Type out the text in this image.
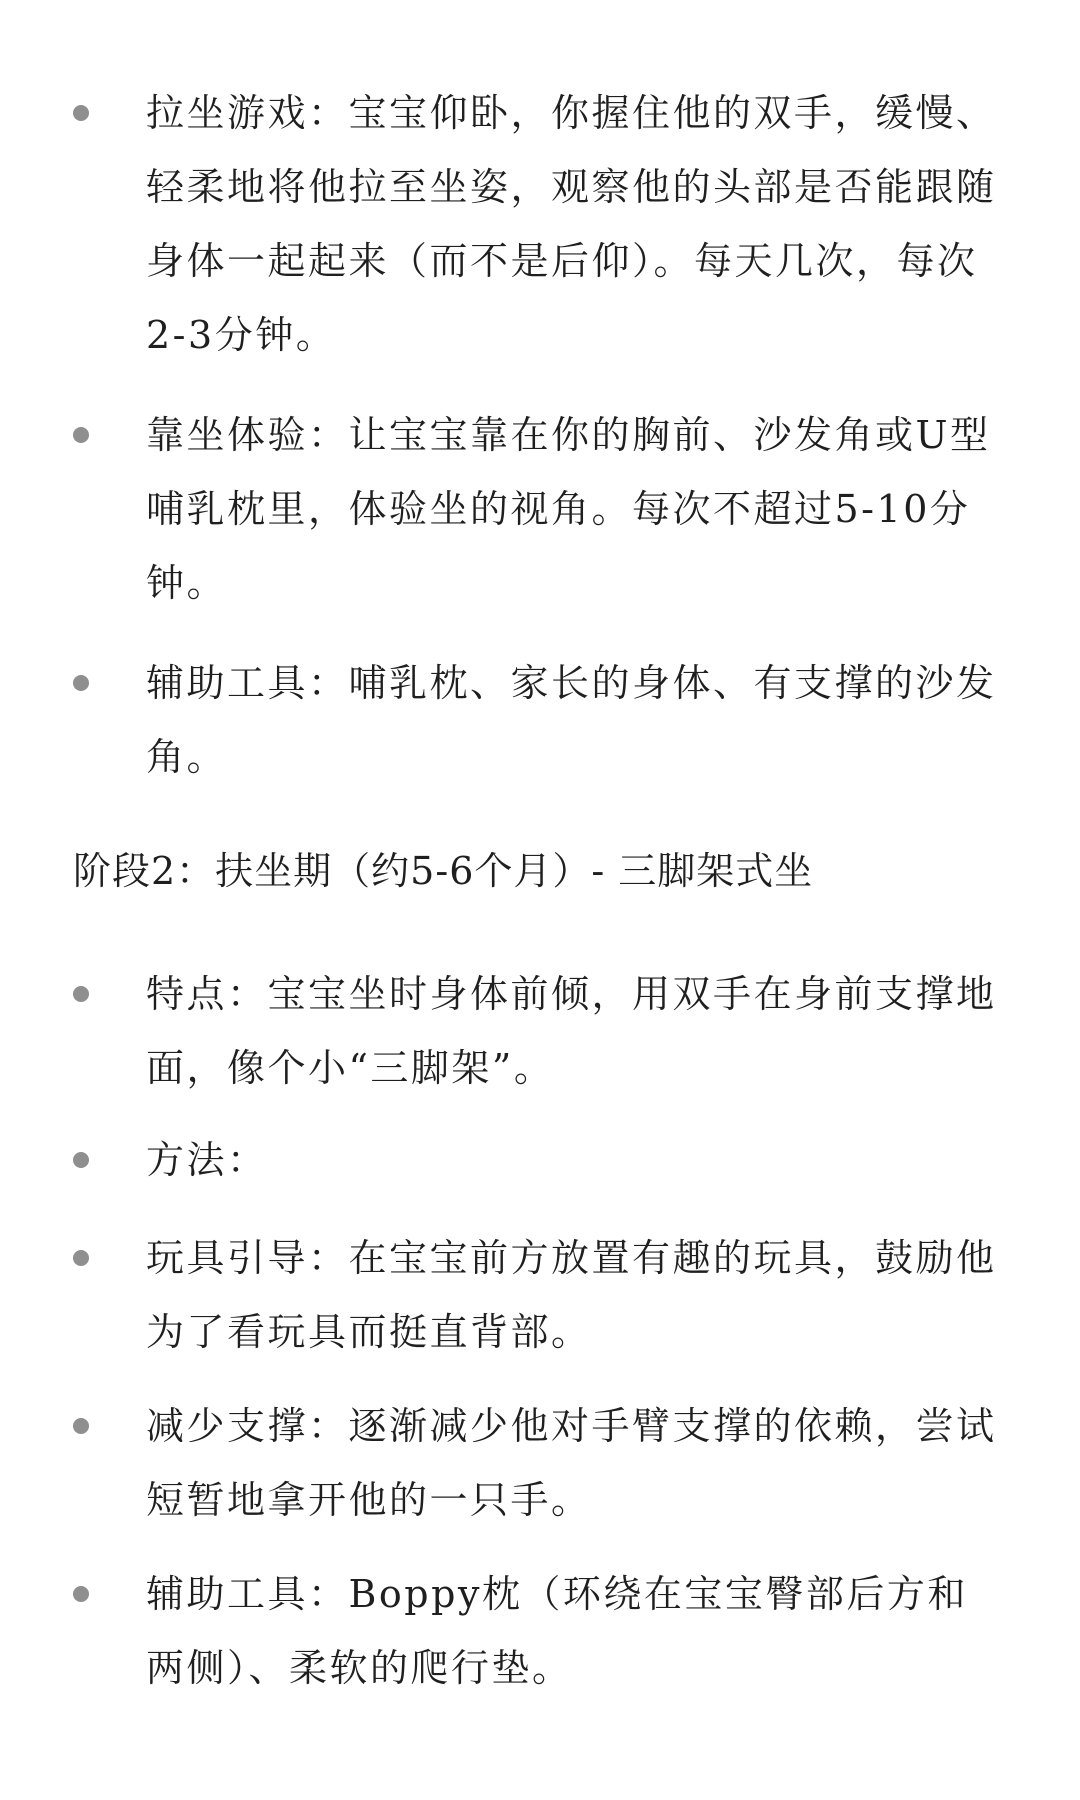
拉坐游戏：宝宝仰卧，你握住他的双手，缓慢、轻柔地将他拉至坐姿，观察他的头部是否能跟随身体一起起来（而不是后仰）。每天几次，每次2-3分钟。
靠坐体验：让宝宝靠在你的胸前、沙发角或U型哺乳枕里，体验坐的视角。每次不超过5-10分钟。
辅助工具：哺乳枕、家长的身体、有支撑的沙发角。
阶段2：扶坐期（约5-6个月）- 三脚架式坐
特点：宝宝坐时身体前倾，用双手在身前支撑地面，像个小“三脚架”。
方法：
玩具引导：在宝宝前方放置有趣的玩具，鼓励他为了看玩具而挺直背部。
减少支撑：逐渐减少他对手臂支撑的依赖，尝试短暂地拿开他的一只手。
辅助工具：Boppy枕（环绕在宝宝臀部后方和两侧）、柔软的爬行垫。
